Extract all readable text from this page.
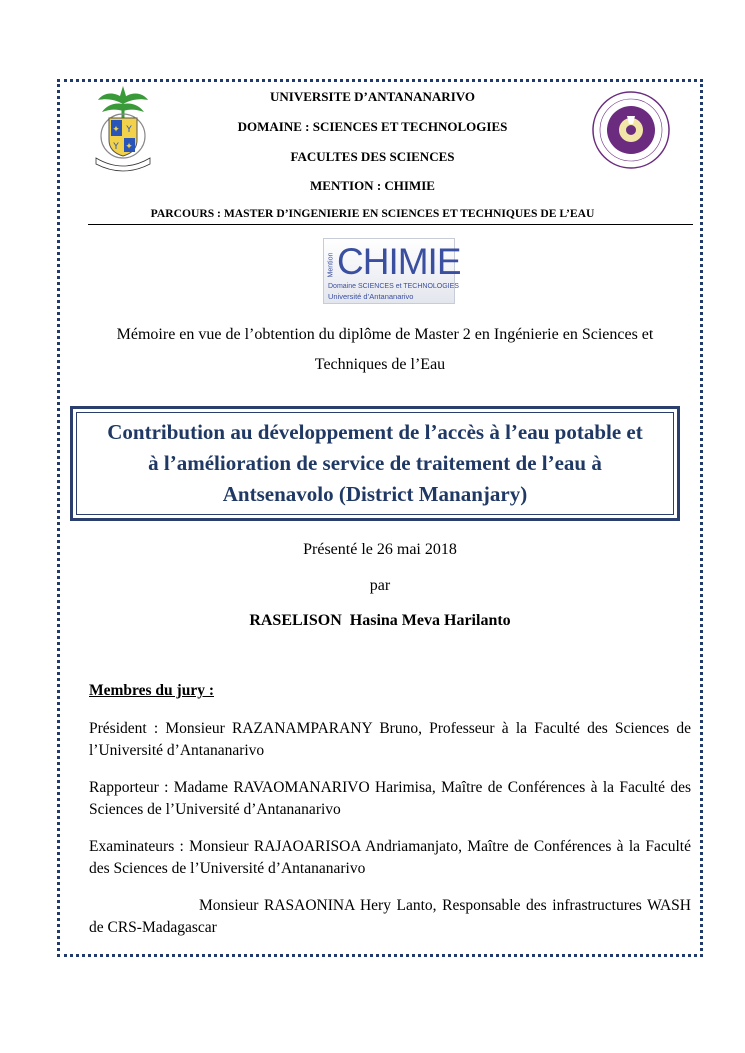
✦ Y
Y ✦
UNIVERSITE D’ANTANANARIVO
DOMAINE : SCIENCES ET TECHNOLOGIES
FACULTES DES SCIENCES
MENTION : CHIMIE
PARCOURS : MASTER D’INGENIERIE EN SCIENCES ET TECHNIQUES DE L’EAU
Mention CHIMIE
Domaine SCIENCES et TECHNOLOGIES
Université d’Antananarivo
Mémoire en vue de l’obtention du diplôme de Master 2 en Ingénierie en Sciences et
Techniques de l’Eau
Contribution au développement de l’accès à l’eau potable et
à l’amélioration de service de traitement de l’eau à
Antsenavolo (District Mananjary)
Présenté le 26 mai 2018
par
RASELISON  Hasina Meva Harilanto
Membres du jury :
Président : Monsieur RAZANAMPARANY Bruno, Professeur à la Faculté des Sciences de l’Université d’Antananarivo
Rapporteur : Madame RAVAOMANARIVO Harimisa, Maître de Conférences à la Faculté des Sciences de l’Université d’Antananarivo
Examinateurs : Monsieur RAJAOARISOA Andriamanjato, Maître de Conférences à la Faculté des Sciences de l’Université d’Antananarivo
Monsieur RASAONINA Hery Lanto, Responsable des infrastructures WASH de CRS-Madagascar
